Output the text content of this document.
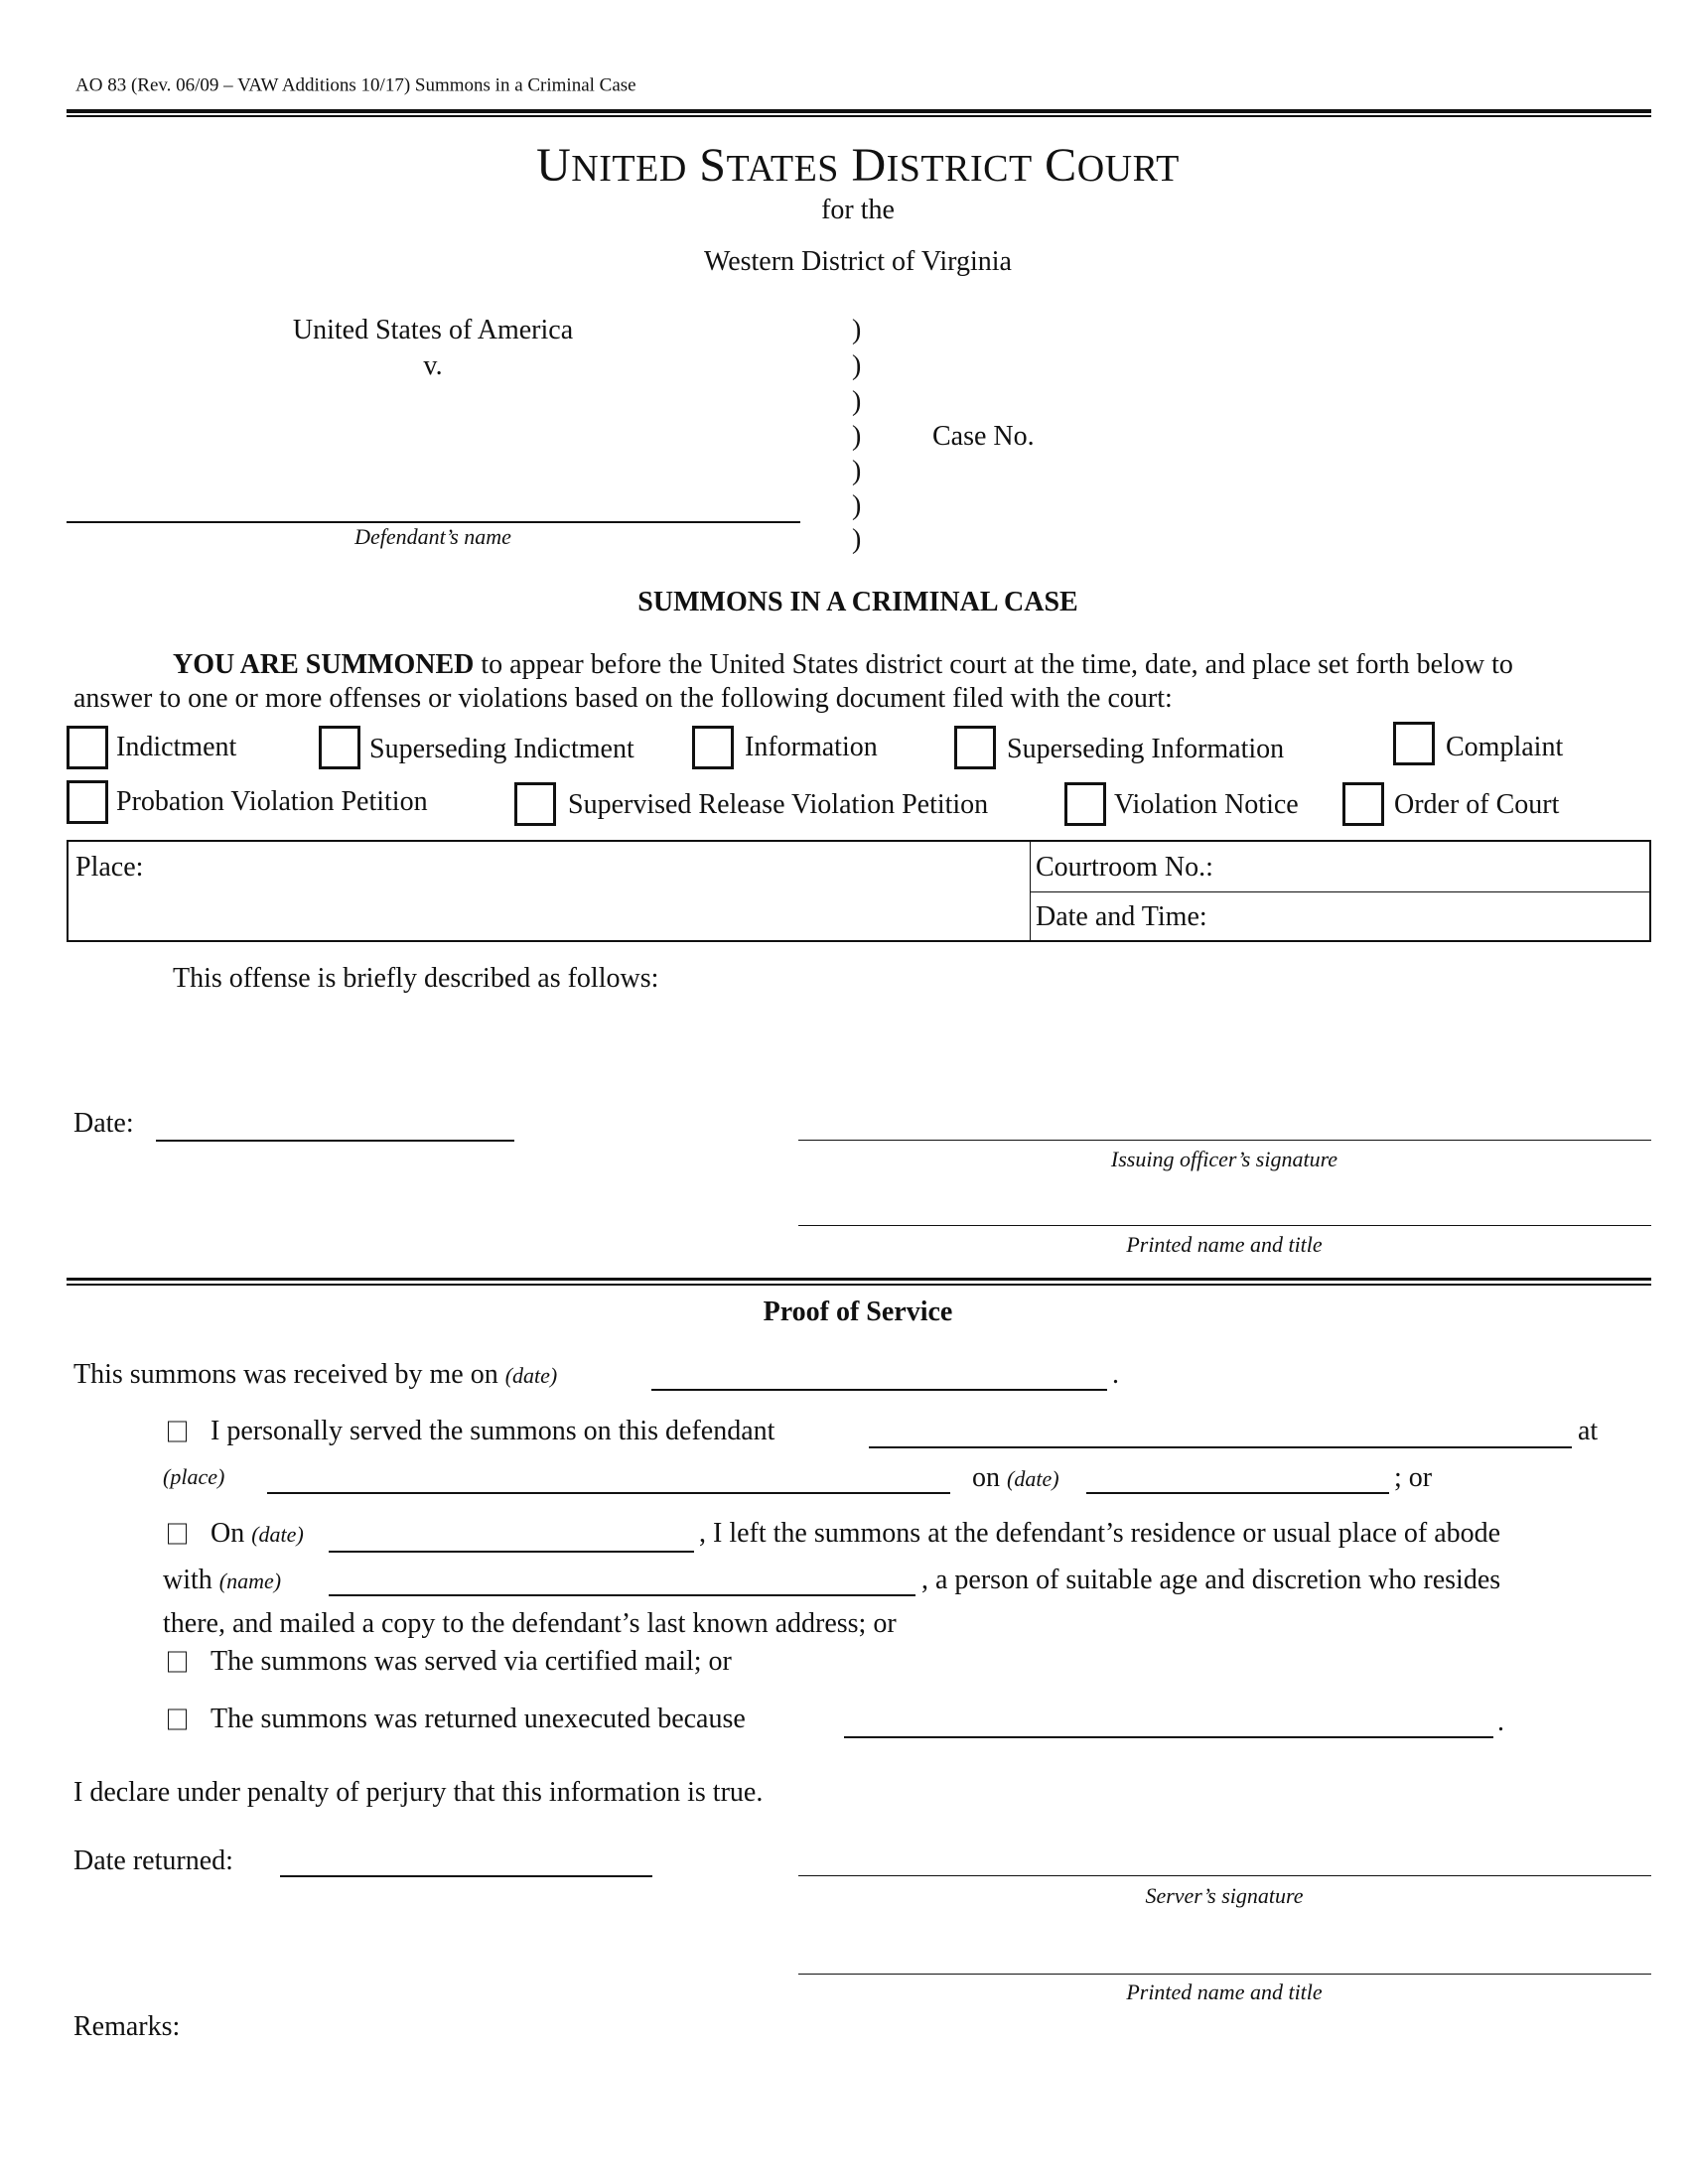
AO 83 (Rev. 06/09 – VAW Additions 10/17) Summons in a Criminal Case
UNITED STATES DISTRICT COURT
for the
Western District of Virginia
United States of America
v.
)
)
)
)
)
)
)
Case No.
Defendant’s name
SUMMONS IN A CRIMINAL CASE
YOU ARE SUMMONED to appear before the United States district court at the time, date, and place set forth below to
answer to one or more offenses or violations based on the following document filed with the court:
Indictment	Superseding Indictment	Information	Superseding Information	Complaint
Probation Violation Petition	Supervised Release Violation Petition	Violation Notice	Order of Court
Place:	Courtroom No.:
Date and Time:
This offense is briefly described as follows:
Date:
Issuing officer’s signature
Printed name and title
Proof of Service
This summons was received by me on (date)	.
I personally served the summons on this defendant	at
(place)	on (date)	; or
On (date)	, I left the summons at the defendant’s residence or usual place of abode
with (name)	, a person of suitable age and discretion who resides
there, and mailed a copy to the defendant’s last known address; or
The summons was served via certified mail; or
The summons was returned unexecuted because	.
I declare under penalty of perjury that this information is true.
Date returned:
Server’s signature
Printed name and title
Remarks:
